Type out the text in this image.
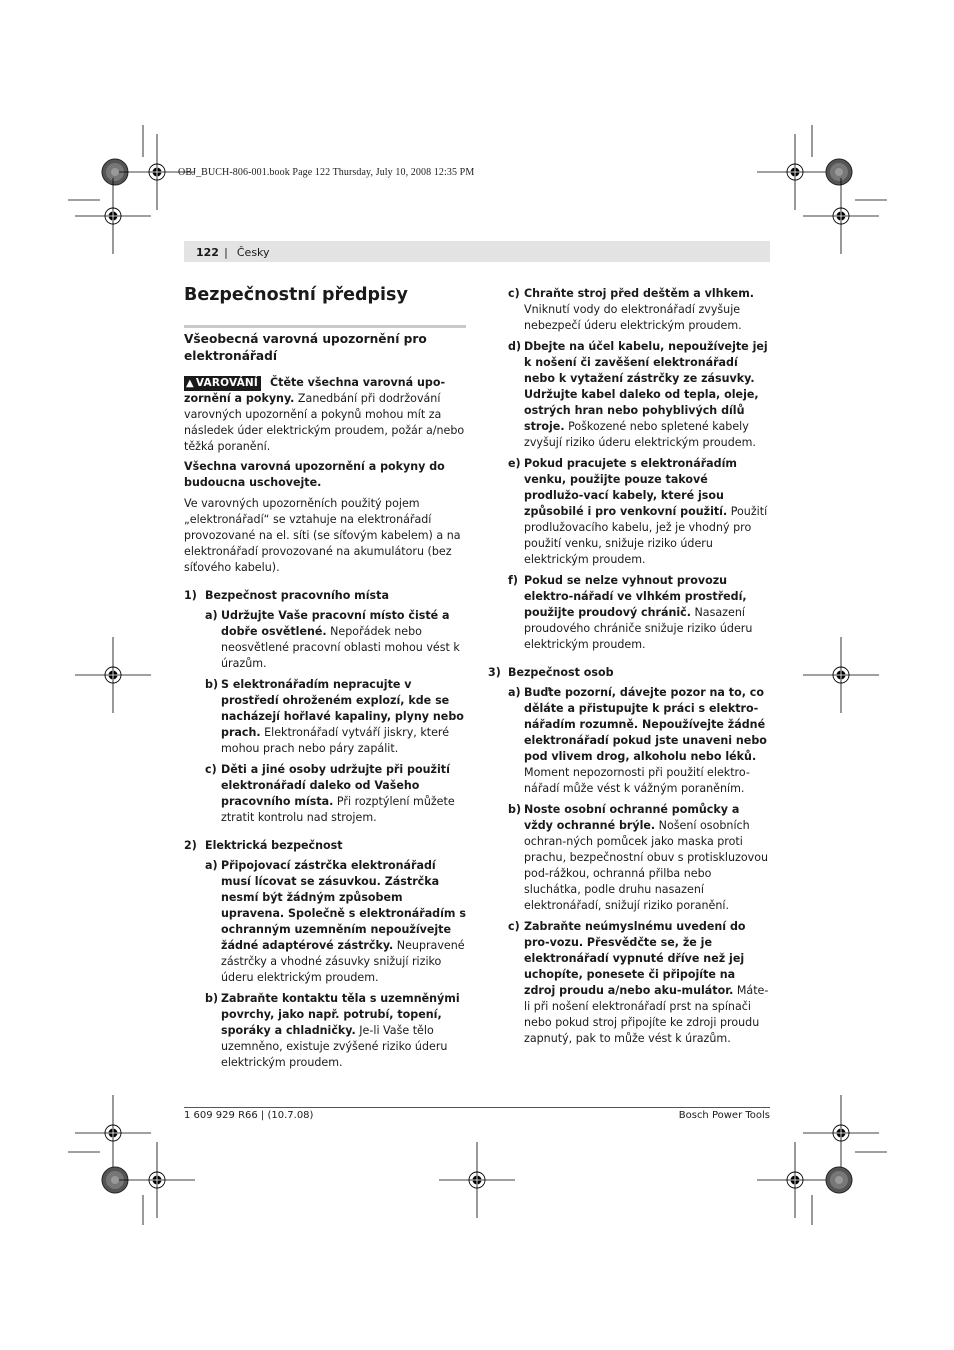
OBJ_BUCH-806-001.book Page 122 Thursday, July 10, 2008 12:35 PM
122 | Česky
Bezpečnostní předpisy
Všeobecná varovná upozornění pro elektronářadí
▲ VAROVÁNÍ Čtěte všechna varovná upo-zornění a pokyny. Zanedbání při dodržování varovných upozornění a pokynů mohou mít za následek úder elektrickým proudem, požár a/nebo těžká poranění.

Všechna varovná upozornění a pokyny do budoucna uschovejte.

Ve varovných upozorněních použitý pojem „elektronářadí“ se vztahuje na elektronářadí provozované na el. síti (se síťovým kabelem) a na elektronářadí provozované na akumulátoru (bez síťového kabelu).

1) Bezpečnost pracovního místa
a) Udržujte Vaše pracovní místo čisté a dobře osvětlené. Nepořádek nebo neosvětlené pracovní oblasti mohou vést k úrazům.
b) S elektronářadím nepracujte v prostředí ohroženém explozí, kde se nacházejí hořlavé kapaliny, plyny nebo prach. Elektronářadí vytváří jiskry, které mohou prach nebo páry zapálit.
c) Děti a jiné osoby udržujte při použití elektronářadí daleko od Vašeho pracovního místa. Při rozptýlení můžete ztratit kontrolu nad strojem.
2) Elektrická bezpečnost
a) Připojovací zástrčka elektronářadí musí lícovat se zásuvkou. Zástrčka nesmí být žádným způsobem upravena. Společně s elektronářadím s ochranným uzemněním nepoužívejte žádné adaptérové zástrčky. Neupravené zástrčky a vhodné zásuvky snižují riziko úderu elektrickým proudem.
b) Zabraňte kontaktu těla s uzemněnými povrchy, jako např. potrubí, topení, sporáky a chladničky. Je-li Vaše tělo uzemněno, existuje zvýšené riziko úderu elektrickým proudem.
c) Chraňte stroj před deštěm a vlhkem. Vniknutí vody do elektronářadí zvyšuje nebezpečí úderu elektrickým proudem.
d) Dbejte na účel kabelu, nepoužívejte jej k nošení či zavěšení elektronářadí nebo k vytažení zástrčky ze zásuvky. Udržujte kabel daleko od tepla, oleje, ostrých hran nebo pohyblivých dílů stroje. Poškozené nebo spletené kabely zvyšují riziko úderu elektrickým proudem.
e) Pokud pracujete s elektronářadím venku, použijte pouze takové prodlužo-vací kabely, které jsou způsobilé i pro venkovní použití. Použití prodlužovacího kabelu, jež je vhodný pro použití venku, snižuje riziko úderu elektrickým proudem.
f) Pokud se nelze vyhnout provozu elektro-nářadí ve vlhkém prostředí, použijte proudový chránič. Nasazení proudového chrániče snižuje riziko úderu elektrickým proudem.
3) Bezpečnost osob
a) Buďte pozorní, dávejte pozor na to, co děláte a přistupujte k práci s elektro-nářadím rozumně. Nepoužívejte žádné elektronářadí pokud jste unaveni nebo pod vlivem drog, alkoholu nebo léků. Moment nepozornosti při použití elektro-nářadí může vést k vážným poraněním.
b) Noste osobní ochranné pomůcky a vždy ochranné brýle. Nošení osobních ochran-ných pomůcek jako maska proti prachu, bezpečnostní obuv s protiskluzovou pod-rážkou, ochranná přilba nebo sluchátka, podle druhu nasazení elektronářadí, snižují riziko poranění.
c) Zabraňte neúmyslnému uvedení do pro-vozu. Přesvědčte se, že je elektronářadí vypnuté dříve než jej uchopíte, ponesete či připojíte na zdroj proudu a/nebo aku-mulátor. Máte-li při nošení elektronářadí prst na spínači nebo pokud stroj připojíte ke zdroji proudu zapnutý, pak to může vést k úrazům.
1 609 929 R66 | (10.7.08)	Bosch Power Tools
